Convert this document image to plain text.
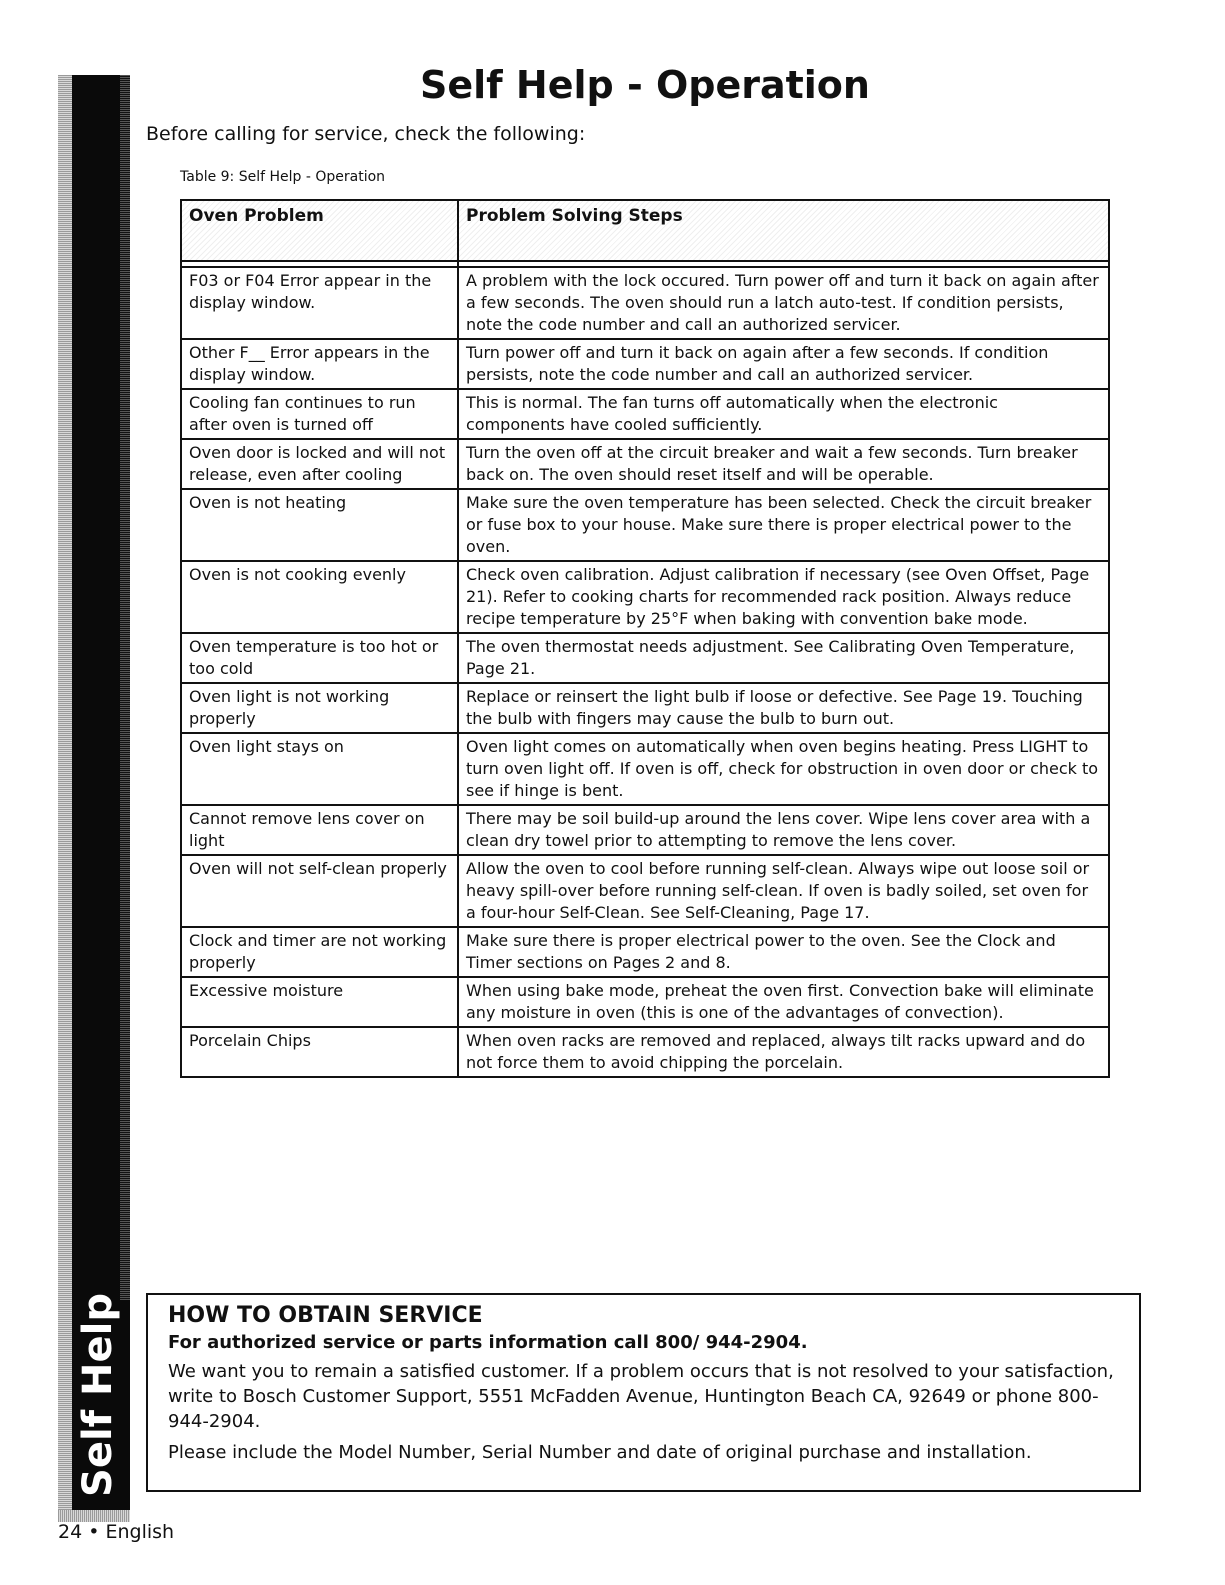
Self Help
Self Help - Operation
Before calling for service, check the following:
Table 9: Self Help - Operation
Oven Problem	Problem Solving Steps

F03 or F04 Error appear in the display window.	A problem with the lock occured. Turn power off and turn it back on again after a few seconds. The oven should run a latch auto-test. If condition persists, note the code number and call an authorized servicer.
Other F__ Error appears in the display window.	Turn power off and turn it back on again after a few seconds. If condition persists, note the code number and call an authorized servicer.
Cooling fan continues to run after oven is turned off	This is normal. The fan turns off automatically when the electronic components have cooled sufficiently.
Oven door is locked and will not release, even after cooling	Turn the oven off at the circuit breaker and wait a few seconds. Turn breaker back on. The oven should reset itself and will be operable.
Oven is not heating	Make sure the oven temperature has been selected. Check the circuit breaker or fuse box to your house. Make sure there is proper electrical power to the oven.
Oven is not cooking evenly	Check oven calibration. Adjust calibration if necessary (see Oven Offset, Page 21). Refer to cooking charts for recommended rack position. Always reduce recipe temperature by 25°F when baking with convention bake mode.
Oven temperature is too hot or too cold	The oven thermostat needs adjustment. See Calibrating Oven Temperature, Page 21.
Oven light is not working properly	Replace or reinsert the light bulb if loose or defective. See Page 19. Touching the bulb with fingers may cause the bulb to burn out.
Oven light stays on	Oven light comes on automatically when oven begins heating. Press LIGHT to turn oven light off. If oven is off, check for obstruction in oven door or check to see if hinge is bent.
Cannot remove lens cover on light	There may be soil build-up around the lens cover. Wipe lens cover area with a clean dry towel prior to attempting to remove the lens cover.
Oven will not self-clean properly	Allow the oven to cool before running self-clean. Always wipe out loose soil or heavy spill-over before running self-clean. If oven is badly soiled, set oven for a four-hour Self-Clean. See Self-Cleaning, Page 17.
Clock and timer are not working properly	Make sure there is proper electrical power to the oven. See the Clock and Timer sections on Pages 2 and 8.
Excessive moisture	When using bake mode, preheat the oven first. Convection bake will eliminate any moisture in oven (this is one of the advantages of convection).
Porcelain Chips	When oven racks are removed and replaced, always tilt racks upward and do not force them to avoid chipping the porcelain.
HOW TO OBTAIN SERVICE
For authorized service or parts information call 800/ 944-2904.
We want you to remain a satisfied customer. If a problem occurs that is not resolved to your satisfaction, write to Bosch Customer Support, 5551 McFadden Avenue, Huntington Beach CA, 92649 or phone 800-944-2904.
Please include the Model Number, Serial Number and date of original purchase and installation.
24 • English
